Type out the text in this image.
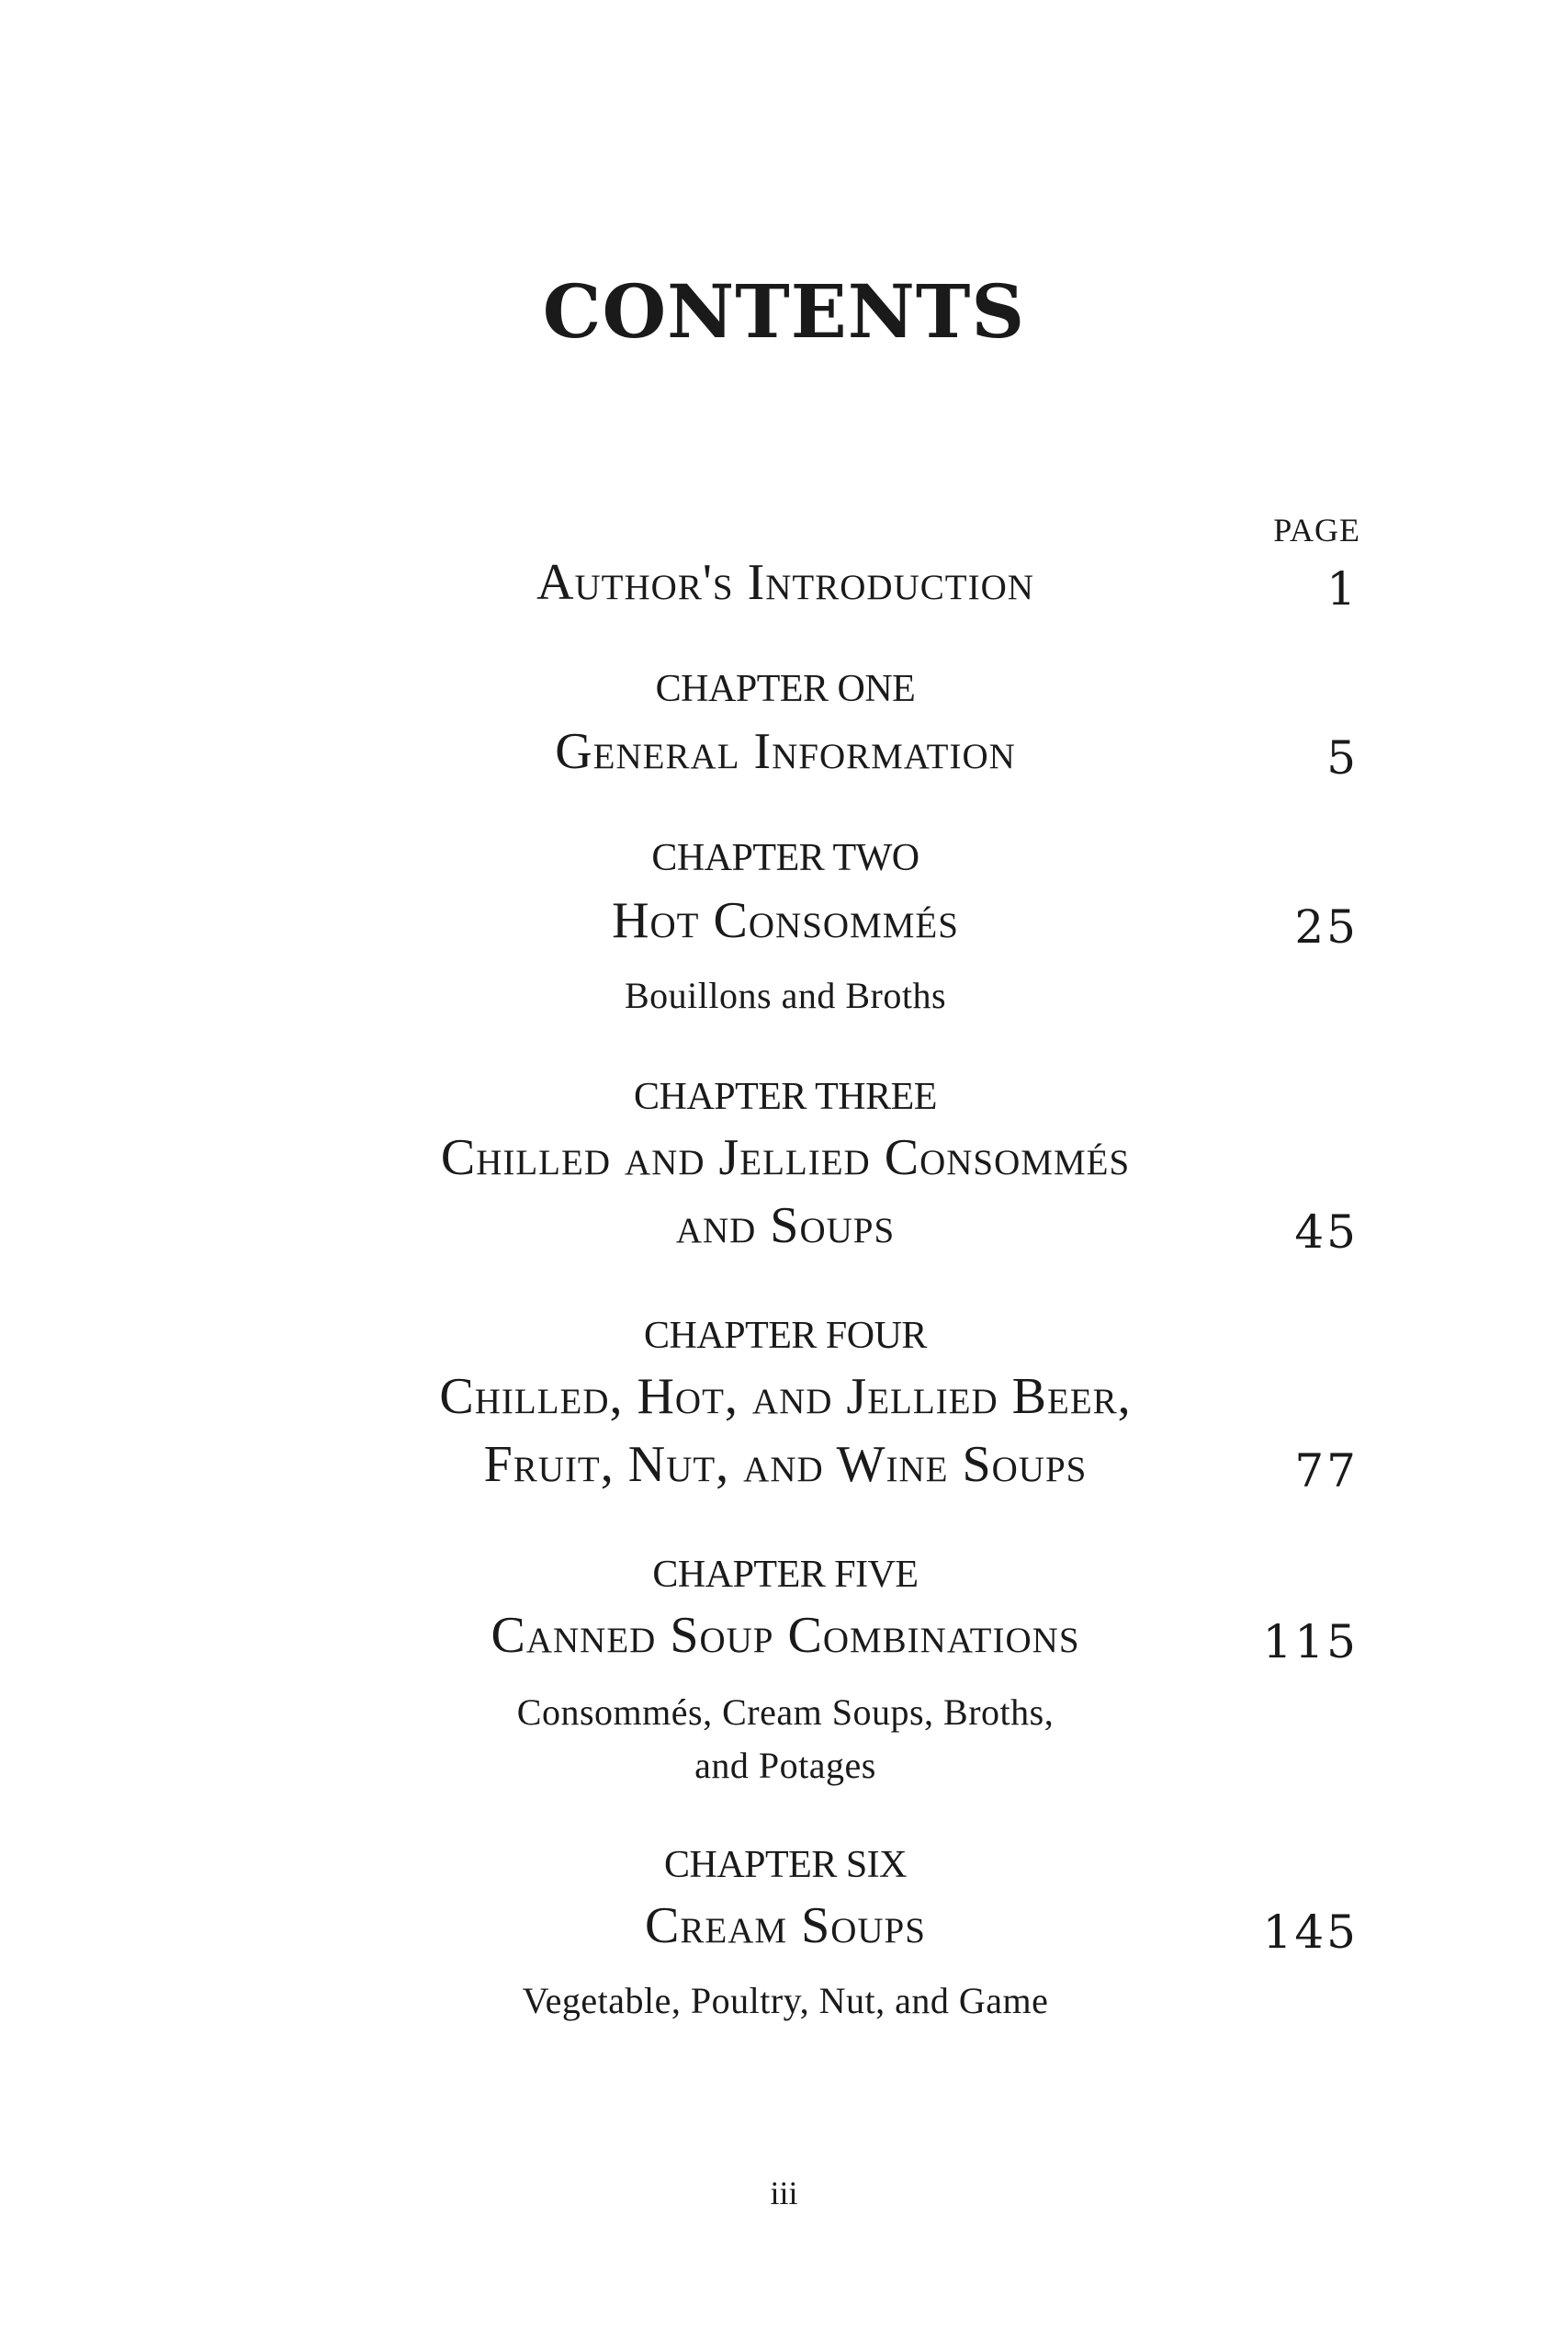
CONTENTS
PAGE
Author's Introduction	1
CHAPTER ONE
General Information	5
CHAPTER TWO
Hot Consommés	25
Bouillons and Broths
CHAPTER THREE
Chilled and Jellied Consommés
and Soups	45
CHAPTER FOUR
Chilled, Hot, and Jellied Beer,
Fruit, Nut, and Wine Soups	77
CHAPTER FIVE
Canned Soup Combinations	115
Consommés, Cream Soups, Broths,
and Potages
CHAPTER SIX
Cream Soups	145
Vegetable, Poultry, Nut, and Game
iii
